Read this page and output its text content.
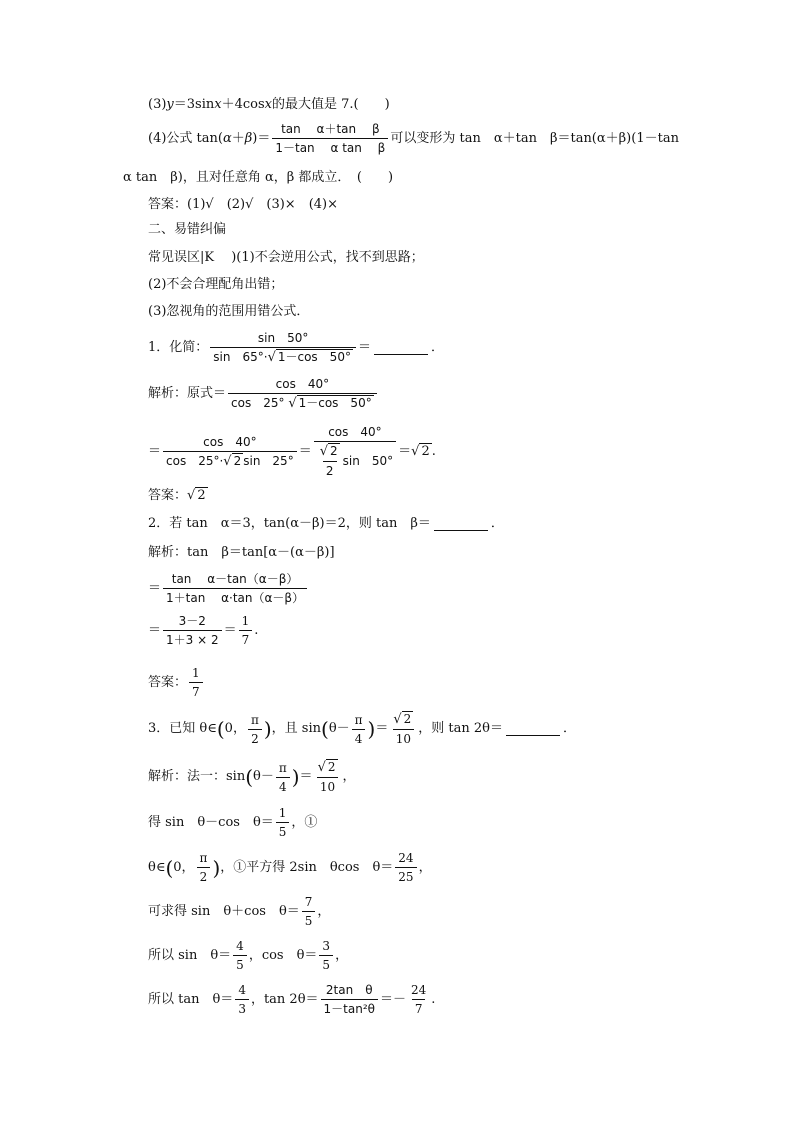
(3) y ＝3sin x ＋4cos x 的最大值是 7.(　　)
(4)公式 tan( α ＋ β )＝ $\frac{\text{tan　 α＋tan　 β}}{\text{1－tan　 α tan　 β}}$ 可以变形为 tan　α＋tan　β＝tan(α＋β)(1－tan
α tan　β)，且对任意角 α，β 都成立．　(　　)
答案：(1)√　(2)√　(3)×　(4)×
二、易错纠偏
常见误区|K　 )(1)不会逆用公式，找不到思路；
(2)不会合理配角出错；
(3)忽视角的范围用错公式．
1．化简： $\frac{\sin 50^\circ}{\sin 65^\circ\cdot√ 1-\cos 50^\circ}$ ＝	．
解析：原式＝ $\frac{\cos 40^\circ}{\cos 25^\circ √ 1-\cos 50^\circ}$
＝ $\frac{\cos 40^\circ}{\cos 25^\circ\cdot√ 2 \sin 25^\circ} = \frac{\cos 40^\circ}{\frac{√ 2}{2} \sin 50^\circ}$ ＝ √ 2 .
答案： √ 2
2．若 tan　α＝3，tan(α－β)＝2，则 tan　β＝	．
解析：tan　β＝tan[α－(α－β)]
＝ $\frac{\text{tan　 α－tan（α－β）}}{\text{1＋tan　 α·tan（α－β）}}$
＝ $\frac{3-2}{1+3 \times 2} = \frac{1}{7}$ .
答案： $\frac{1}{7}$
3．已知 θ∈ ( 0， $\frac{\pi}{2}$ ) ，且 sin ( $\theta- \frac{\pi}{4}$ ) ＝ $\frac{√ 2}{10}$ ，则 tan 2θ＝	．
解析：法一：sin ( $\theta- \frac{\pi}{4}$ ) ＝ $\frac{√ 2}{10}$ ，
得 sin　θ－cos　$\theta= \frac{1}{5}$ ，①
θ∈ ( 0， $\frac{\pi}{2}$ ) ，①平方得 2sin　θcos　$\theta= \frac{24}{25}$ ，
可求得 sin　θ＋cos　$\theta= \frac{7}{5}$ ，
所以 sin　$\theta= \frac{4}{5}$ ，cos　$\theta= \frac{3}{5}$ ，
所以 tan　$\theta= \frac{4}{3}$ ，$\tan 2\theta= \frac{\text{2tan　θ}}{\text{1－tan²θ}} =- \frac{24}{7}$ .
